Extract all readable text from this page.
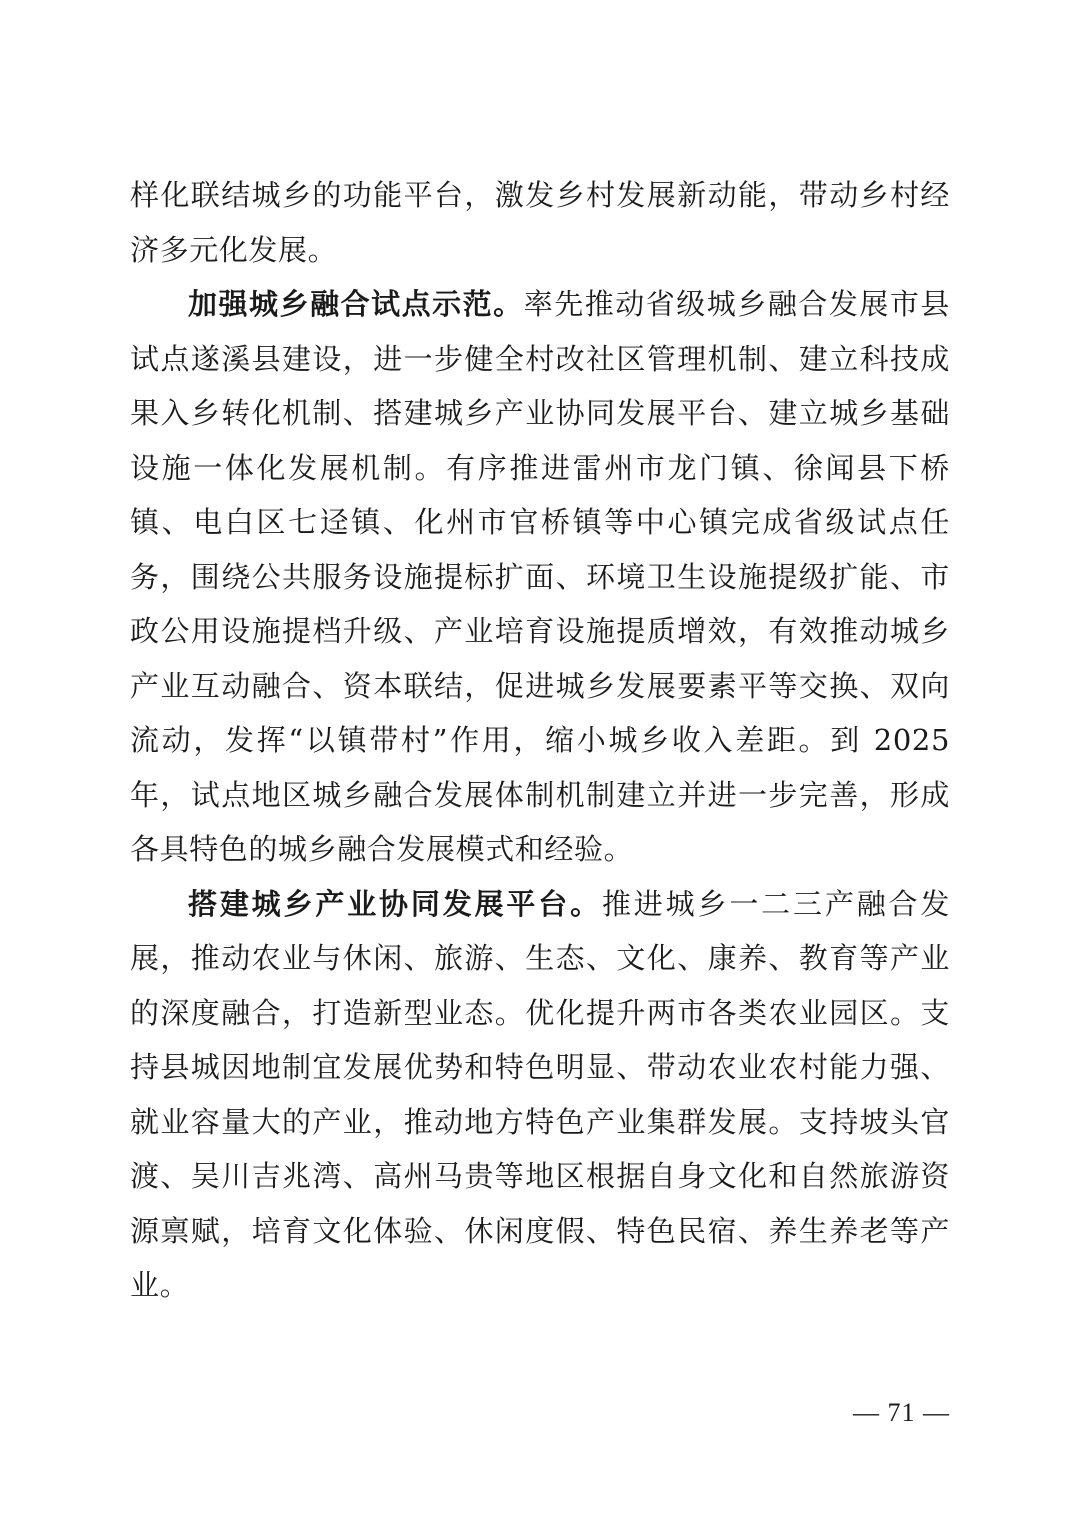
样化联结城乡的功能平台，激发乡村发展新动能，带动乡村经济多元化发展。

加强城乡融合试点示范。率先推动省级城乡融合发展市县试点遂溪县建设，进一步健全村改社区管理机制、建立科技成果入乡转化机制、搭建城乡产业协同发展平台、建立城乡基础设施一体化发展机制。有序推进雷州市龙门镇、徐闻县下桥镇、电白区七迳镇、化州市官桥镇等中心镇完成省级试点任务，围绕公共服务设施提标扩面、环境卫生设施提级扩能、市政公用设施提档升级、产业培育设施提质增效，有效推动城乡产业互动融合、资本联结，促进城乡发展要素平等交换、双向流动，发挥“以镇带村”作用，缩小城乡收入差距。到 2025 年，试点地区城乡融合发展体制机制建立并进一步完善，形成各具特色的城乡融合发展模式和经验。

搭建城乡产业协同发展平台。推进城乡一二三产融合发展，推动农业与休闲、旅游、生态、文化、康养、教育等产业的深度融合，打造新型业态。优化提升两市各类农业园区。支持县城因地制宜发展优势和特色明显、带动农业农村能力强、就业容量大的产业，推动地方特色产业集群发展。支持坡头官渡、吴川吉兆湾、高州马贵等地区根据自身文化和自然旅游资源禀赋，培育文化体验、休闲度假、特色民宿、养生养老等产业。

— 71 —
